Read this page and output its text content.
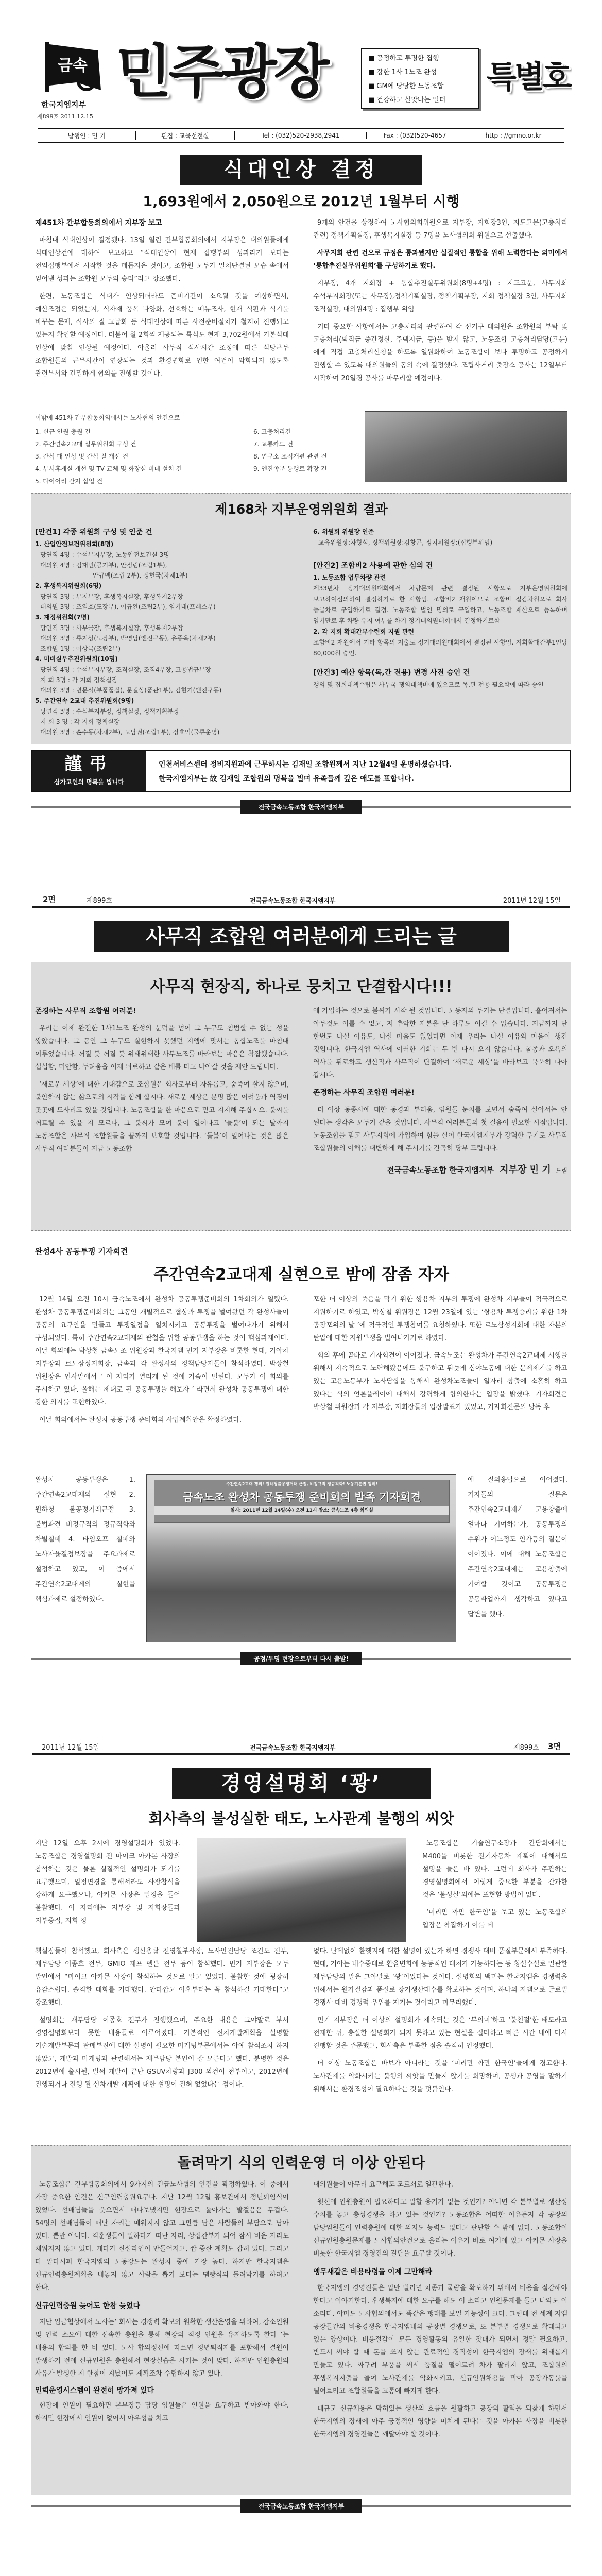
금속
한국지엠지부
제899호 2011.12.15
민주광장	■ 공정하고 투명한 집행
■ 강한 1사 1노조 완성
■ GM에 당당한 노동조합
■ 건강하고 살맛나는 일터
특별호
발행인 : 민 기	편집 : 교육선전실	Tel : (032)520-2938,2941	Fax : (032)520-4657	http : //gmno.or.kr
식대인상 결정
1,693원에서 2,050원으로 2012년 1월부터 시행
제451차 간부합동회의에서 지부장 보고

마침내 식대인상이 결정됐다. 13일 열린 간부합동회의에서 지부장은 대의원들에게 식대인상건에 대하여 보고하고 “식대인상이 현재 집행부의 성과라기 보다는 전임집행부에서 시작한 것을 매듭지은 것이고, 조합원 모두가 일치단결된 모습 속에서 얻어낸 성과는 조합원 모두의 승리”라고 강조했다.

한편, 노동조합은 식대가 인상되더라도 준비기간이 소요될 것을 예상하면서, 예산조정은 되었는지, 식자재 품목 다양화, 선호하는 메뉴조사, 현재 식판과 식기를 바꾸는 문제, 식사의 질 고급화 등 식대인상에 따른 사전준비절차가 철저히 진행되고 있는지 확인할 예정이다. 더불어 월 2회씩 제공되는 특식도 현재 3,702원에서 기본식대 인상에 맞춰 인상될 예정이다. 아울러 사무직 식사시간 조정에 따른 식당근무 조합원들의 근무시간이 연장되는 것과 환경변화로 인한 여건이 악화되지 않도록 관련부서와 긴밀하게 협의를 진행할 것이다.

9개의 안건을 상정하여 노사협의회위원으로 지부장, 지회장3인, 지도고문(고충처리 관련) 정책기획실장, 후생복지실장 등 7명을 노사협의회 위원으로 선출했다.

사무지회 관련 건으로 규정은 통과됐지만 실질적인 통합을 위해 노력한다는 의미에서 ‘통합추진실무위원회’를 구성하기로 했다.

지부장, 4개 지회장 + 통합추진실무위원회(8명+4명) : 지도고문, 사무지회 수석부지회장(또는 사무장),정책기획실장, 정책기획부장, 지회 정책실장 3인, 사무지회 조직실장, 대의원4명 : 집행부 위임

기타 중요한 사항에서는 고충처리와 관련하여 각 선거구 대의원은 조합원의 부탁 및 고충처리(퇴직금 중간정산, 주택지금, 등)을 받지 않고, 노동조합 고충처리담당(고문)에게 직접 고충처리신청을 하도록 일원화하여 노동조합이 보다 투명하고 공정하게 진행할 수 있도록 대의원들의 동의 속에 결정했다. 조립사거리 출장소 공사는 12일부터 시작하여 20일경 공사를 마무리할 예정이다.

이밖에 451차 간부합동회의에서는 노사협의 안건으로
1. 신규 인원 충원 건
2. 주간연속2교대 실무위원회 구성 건
3. 간식 대 인상 및 간식 질 개선 건
4. 부서휴게실 개선 및 TV 교체 및 화장실 비데 설치 건
5. 다이어리 간지 삽입 건
6. 고충처리건
7. 교통카드 건
8. 연구소 조직개편 관련 건
9. 엔진쪽문 통행로 확장 건
제168차 지부운영위원회 결과
[안건1] 각종 위원회 구성 및 인준 건
1. 산업안전보건위원회(8명)
당연직 4명 : 수석부지부장, 노동안전보건실 3명
대의원 4명 : 김재민(공기부), 안정림(조립1부),
안규백(조립 2부), 정헌국(차체1부)
2. 후생복지위원회(6명)
당연직 3명 : 부지부장, 후생복지실장, 후생복지2부장
대의원 3명 : 조일호(도장부), 이규완(조립2부), 염기태(프레스부)
3. 재정위원회(7명)
당연직 3명 : 사무국장, 후생복지실장, 후생복지2부장
대의원 3명 : 류지상(도장부), 박영남(엔진구동), 유종옥(차체2부)
조합원 1명 : 이상국(조립2부)
4. 미비실무추진위원회(10명)
당연직 4명 : 수석부지부장, 조직실장, 조직4부장, 고용법규부장
지 회 3명 : 각 지회 정책실장
대의원 3명 : 변문석(부품품질), 문길상(품관1부), 김현기(엔진구동)
5. 주간연속 2교대 추진위원회(9명)
당연직 3명 : 수석부지부장, 정책실장, 정책기획부장
지 회 3 명 : 각 지회 정책실장
대의원 3명 : 손수동(차체2부), 고남권(조립1부), 장효익(물류운영)
6. 위원회 위원장 인준
교육위원장:차형석, 정책위원장:김창곤, 정치위원장:(집행부위임)
[안건2] 조합비2 사용에 관한 심의 건
1. 노동조합 업무차량 관련
제33년차 정기대의원대회에서 차량문제 관련 결정된 사항으로 지부운영위원회에 보고하여심의하여 결정하기로 한 사항임. 조합비2 재원이므로 조합비 절감차원으로 회사 등급차로 구입하기로 결정. 노동조합 법인 명의로 구입하고, 노동조합 재산으로 등록하며 임기만료 후 차량 유지 여부를 차기 정기대의원대회에서 결정하기로함
2. 각 지회 확대간부수련회 지원 관련
조합비2 재원에서 기타 항목의 지출로 정기대의원대회에서 결정된 사항임. 지회확대간부1인당 80,000원 승인.
[안건3] 예산 항목(목,간 전용) 변경 사전 승인 건
쟁의 및 집회대책수립은 사무국 쟁의대책비에 있으므로 목,관 전용 필요함에 따라 승인
謹弔
삼가고인의 명복을 빕니다
인천서비스센터 정비지원과에 근무하시는 김재일 조합원께서 지난 12월4일 운명하셨습니다.
한국지엠지부는 故 김재일 조합원의 명복을 빌며 유족들께 깊은 애도를 표합니다.
전국금속노동조합 한국지엠지부
2면	제899호	전국금속노동조합 한국지엠지부	2011년 12월 15일
사무직 조합원 여러분에게 드리는 글
사무직 현장직, 하나로 뭉치고 단결합시다!!!
존경하는 사무직 조합원 여러분!

우리는 이제 완전한 1사1노조 완성의 문턱을 넘어 그 누구도 침범할 수 없는 성을 쌓았습니다. 그 동안 그 누구도 실현하지 못했던 지엠에 맞서는 통합노조를 마침내 이루었습니다. 꺼질 듯 꺼질 듯 위태위태한 사무노조를 바라보는 마음은 착잡했습니다. 섭섭함, 미안함, 두려움을 이제 뒤로하고 같은 배를 타고 나아갈 것을 제안 드립니다.

‘새로운 세상’에 대한 기대감으로 조합원은 회사로부터 자유롭고, 숨죽여 살지 않으며, 불안하지 않는 삶으로의 시작을 함께 합시다. 새로운 세상은 분명 많은 어려움과 역경이 곳곳에 도사리고 있을 것입니다. 노동조합을 한 마음으로 믿고 지지해 주십시오. 불씨를 꺼트릴 수 있을 지 모르나, 그 불씨가 모여 불이 일어나고 ‘들불’이 되는 날까지 노동조합은 사무직 조합원들을 끝까지 보호할 것입니다. ‘들불’이 일어나는 것은 많은 사무직 여러분들이 지금 노동조합

에 가입하는 것으로 불씨가 시작 될 것입니다. 노동자의 무기는 단결입니다. 흩어져서는 아무것도 이룰 수 없고, 저 추악한 자본을 단 하루도 이길 수 없습니다. 지금까지 단 한번도 나설 이유도, 나설 마음도 없었다면 이제 우리는 나설 이유와 마음이 생긴 것입니다. 한국지엠 역사에 이러한 기회는 두 번 다시 오지 않습니다. 굴종과 오욕의 역사를 뒤로하고 생산직과 사무직이 단결하여 ‘새로운 세상’을 바라보고 묵묵히 나아 갑시다.

존경하는 사무직 조합원 여러분!

더 이상 동종사에 대한 동경과 부러움, 임원들 눈치를 보면서 숨죽여 살아서는 안 된다는 생각은 모두가 같을 것입니다. 사무직 여러분들의 첫 걸음이 필요한 시점입니다. 노동조합을 믿고 사무지회에 가입하여 힘을 실어 한국지엠지부가 강력한 무기로 사무직 조합원들의 이해를 대변하게 해 주시기를 간곡히 당부 드립니다.

전국금속노동조합 한국지엠지부 지부장 민 기 드림
완성4사 공동투쟁 기자회견
주간연속2교대제 실현으로 밤에 잠좀 자자

12월 14일 오전 10시 금속노조에서 완성차 공동투쟁준비회의 1차회의가 열렸다. 완성차 공동투쟁준비회의는 그동안 개별적으로 협상과 투쟁을 벌여왔던 각 완성사들이 공동의 요구안을 만들고 투쟁일정을 일치시키고 공동투쟁을 벌여나가기 위해서 구성되었다. 특히 주간연속2교대제의 관철을 위한 공동투쟁을 하는 것이 핵심과제이다. 이날 회의에는 박상철 금속노조 위원장과 한국지엠 민기 지부장을 비롯한 현대, 기아차 지부장과 르노삼성지회장, 금속과 각 완성사의 정책담당자들이 참석하였다. 박상철 위원장은 인사말에서 ‘ 이 자리가 열리게 된 것에 가슴이 떨린다. 모두가 이 회의를 주시하고 있다. 올해는 제대로 된 공동투쟁을 해보자 ’ 라면서 완성차 공동투쟁에 대한 강한 의지를 표현하였다.

이날 회의에서는 완성차 공동투쟁 준비회의 사업계획안을 확정하였다.

포한 더 이상의 죽음을 막기 위한 쌍용차 지부의 투쟁에 완성차 지부들이 적극적으로 지원하기로 하였고, 박상철 위원장은 12월 23일에 있는 ‘쌍용차 투쟁승리를 위한 1차 공장포위의 날 ’에 적극적인 투쟁참여를 요청하였다. 또한 르노삼성지회에 대한 자본의 탄압에 대한 지원투쟁을 벌여나가기로 하였다.

회의 후에 곧바로 기자회견이 이어졌다. 금속노조는 완성차가 주간연속2교대제 시행을 위해서 지속적으로 노력해왔음에도 불구하고 뒤늦게 심야노동에 대한 문제제기를 하고 있는 고용노동부가 노사담합을 통해서 완성차노조들이 일자리 창출에 소홀히 하고 있다는 식의 언론플레이에 대해서 강력하게 항의한다는 입장을 밝혔다. 기자회견은 박상철 위원장과 각 지부장, 지회장들의 입장발표가 있었고, 기자회견문의 낭독 후

완성차 공동투쟁은 1. 주간연속2교대제의 실현 2. 원하청 불공정거래근절 3. 불법파견 비정규직의 정규직화와 차별철폐 4. 타임오프 철폐와 노사자율결정보장을 주요과제로 설정하고 있고, 이 중에서 주간연속2교대제의 실현을 핵심과제로 설정하였다.
주간연속2교대 쟁취! 원하청불공정거래 근절, 비정규직 정규직화! 노동기본권 쟁취!
금속노조 완성차 공동투쟁 준비회의 발족 기자회견
일시: 2011년 12월 14일(수) 오전 11시 장소: 금속노조 4층 회의실
에 질의응답으로 이어졌다. 기자들의 질문은 주간연속2교대제가 고용창출에 얼마나 기여하는가, 공동투쟁의 수위가 어느정도 인가등의 질문이 이어졌다. 이에 대해 노동조합은 주간연속2교대제는 고용창출에 기여할 것이고 공동투쟁은 공동파업까지 생각하고 있다고 답변을 했다.
공정/투명 현장으로부터 다시 출발!
2011년 12월 15일	전국금속노동조합 한국지엠지부	제899호 3면
경영설명회 ‘꽝’
회사측의 불성실한 태도, 노사관계 불행의 씨앗
지난 12일 오후 2시에 경영설명회가 있었다. 노동조합은 경영설명회 전 마이크 아카몬 사장의 참석하는 것은 물론 실질적인 설명회가 되기를 요구했으며, 일정변경을 통해서라도 사장참석을 강하게 요구했으나, 아카몬 사장은 일정을 들어 불참했다. 이 자리에는 지부장 및 지회장들과 지부중집, 지회 정

노동조합은 기술연구소장과 간담회에서는 M400을 비롯한 전기자동차 계획에 대해서도 설명을 들은 바 있다. 그런데 회사가 주관하는 경영설명회에서 이렇게 중요한 부분을 간과한 것은 ‘불성실’외에는 표현할 방법이 없다.

‘머리만 까만 한국인’을 보고 있는 노동조합의 입장은 착잡하기 이를 데

책실장들이 참석했고, 회사측은 생산총괄 전영철부사장, 노사안전담당 조건도 전무, 재무담당 이종호 전무, GMIO 제프 펠튼 전무 등이 참석했다. 민기 지부장은 모두 발언에서 “마이크 아카몬 사장이 참석하는 것으로 알고 있었다. 불참한 것에 굉장히 유감스럽다. 솔직한 대화를 기대했다. 안타깝고 이후부터는 꼭 참석하길 기대한다”고 강조했다.

설명회는 재무담당 이종호 전무가 진행했으며, 주요한 내용은 그야말로 부서 경영설명회보다 못한 내용들로 이루어졌다. 기본적인 신차개발계획을 설명할 기술개발부문과 판매부진에 대한 설명이 필요한 마케팅부문에서는 아예 참석조차 하지 않았고, 개발과 마케팅과 관련해서는 재무담당 본인이 잘 모른다고 했다. 분명한 것은 2012년에 출시될, 벌써 개발이 끝난 GSUV차량과 J300 외건이 전부이고, 2012년에 진행되거나 진행 될 신차개발 계획에 대한 설명이 전혀 없었다는 점이다.

없다. 난데없이 환헷지에 대한 설명이 있는가 하면 경쟁사 대비 품질부문에서 부족하다. 현대, 기아는 내수증대로 환율변화에 능동적인 대처가 가능하다는 등 횡설수설로 일관한 재무담당의 말은 그야말로 ‘꽝’이었다는 것이다. 설명회의 백미는 한국지엠은 경쟁력을 위해서는 원가절감과 품질로 장기생산대수를 확보하는 것이며, 하나의 지엠으로 글로벌 경쟁사 대비 경쟁력 우위를 지키는 것이라고 마무리했다.

민기 지부장은 더 이상의 설명회가 계속되는 것은 ‘무의미’하고 ‘불친절’한 태도라고 전제한 뒤, 충실한 설명회가 되지 못하고 있는 현실을 질타하고 빠른 시간 내에 다시 진행할 것을 주문했고, 회사측은 부족한 점을 솔직히 인정했다.

더 이상 노동조합은 바보가 아니라는 것을 ‘머리만 까만 한국인’들에게 경고한다. 노사관계를 악화시키는 불행의 씨앗을 만들지 않기를 희망하며, 공생과 공영을 말하기 위해서는 환경조성이 필요하다는 것을 덧붙인다.

돌려막기 식의 인력운영 더 이상 안된다

노동조합은 간부합동회의에서 9가지의 긴급노사협의 안건을 확정하였다. 이 중에서 가장 중요한 안건은 신규인력충원요구다. 지난 12월 12일 홍보관에서 정년퇴임식이 있었다. 선배님들을 웃으면서 떠나보냈지만 현장으로 돌아가는 발걸음은 무겁다. 54명의 선배님들이 떠난 자리는 메워지지 않고 그만큼 남은 사람들의 부담으로 남아 있다. 뿐만 아니다. 직훈생들이 일하다가 떠난 자리, 상집간부가 되어 잠시 비운 자리도 채워지지 않고 있다. 게다가 신설라인이 만들어지고, 짭 증산 계획도 잡혀 있다. 그리고 다 알다시피 한국지엠의 노동강도는 완성차 중에 가장 높다. 하지만 한국지엠은 신규인력충원계획을 내놓지 않고 사람을 뽑기 보다는 땜빵식의 돌려막기를 하려고 한다.

신규인력충원 늦어도 한참 늦었다

지난 임금협상에서 노사는‘ 회사는 경쟁력 확보와 원활한 생산운영을 위하여, 감소인원 및 인력 소요에 대한 신속한 충원을 통해 현장의 적정 인원을 유지하도록 한다 ’는 내용의 합의를 한 바 있다. 노사 합의정신에 따르면 정년퇴직자를 포함해서 결원이 발생하기 전에 신규인원을 충원해서 현장실습을 시키는 것이 맞다. 하지만 인원충원의 사유가 발생한 지 한참이 지났어도 계획조차 수립하지 않고 있다.

인력운영시스템이 완전히 망가져 있다

현장에 인원이 필요하면 본부장등 담당 임원들은 인원을 요구하고 받아와야 한다. 하지만 현장에서 인원이 없어서 아우성을 치고

대의원들이 아무리 요구해도 모르쇠로 일관한다.

윗선에 인원충원이 필요하다고 말할 용기가 없는 것인가? 아니면 각 본부별로 생산성 수치를 놓고 충성경쟁을 하고 있는 것인가? 노동조합은 어떠한 이유든지 각 공장의 담당임원들이 인력충원에 대한 의지도 능력도 없다고 판단할 수 밖에 없다. 노동조합이 신규인원충원문제를 노사협의안건으로 올리는 이유가 바로 여기에 있고 아카몬 사장을 비롯한 한국지엠 경영진의 결단을 요구할 것이다.

앵무새같은 비용타령을 이제 그만해라

한국지엠의 경영진들은 입만 벌리면 차종과 물량을 확보하기 위해서 비용을 절감해야 한다고 이야기한다. 후생복지에 대한 요구를 해도 이 소리고 인원문제를 들고 나와도 이 소리다. 아마도 노사협의에서도 똑같은 행태를 보일 가능성이 크다. 그런데 전 세계 지엠 공장들간의 비용경쟁을 한국지엠내의 공장별 경쟁으로, 또 본부별 경쟁으로 확대되고 있는 양상이다. 비용절감이 모든 경영활동의 유일한 잣대가 되면서 정말 필요하고, 반드시 써야 할 때 돈을 쓰지 않는 관료적인 경직성이 한국지엠의 장래를 위태롭게 만들고 있다. 싸구려 부품을 써서 품질을 떨어트려 차가 팔리지 않고, 조합원의 후생복지지출을 줄여 노사관계를 악화시키고, 신규인원채용을 막아 공장가동률을 떨어트리고 조합원들을 고통에 빠지게 한다.

대규모 신규채용은 막혀있는 생산의 흐름을 원활하고 공장의 활력을 되찾게 하면서 한국지엠의 장래에 아주 긍정적인 영향을 미치게 된다는 것을 아카몬 사장을 비롯한 한국지엠의 경영진들은 깨달아야 할 것이다.

전국금속노동조합 한국지엠지부
